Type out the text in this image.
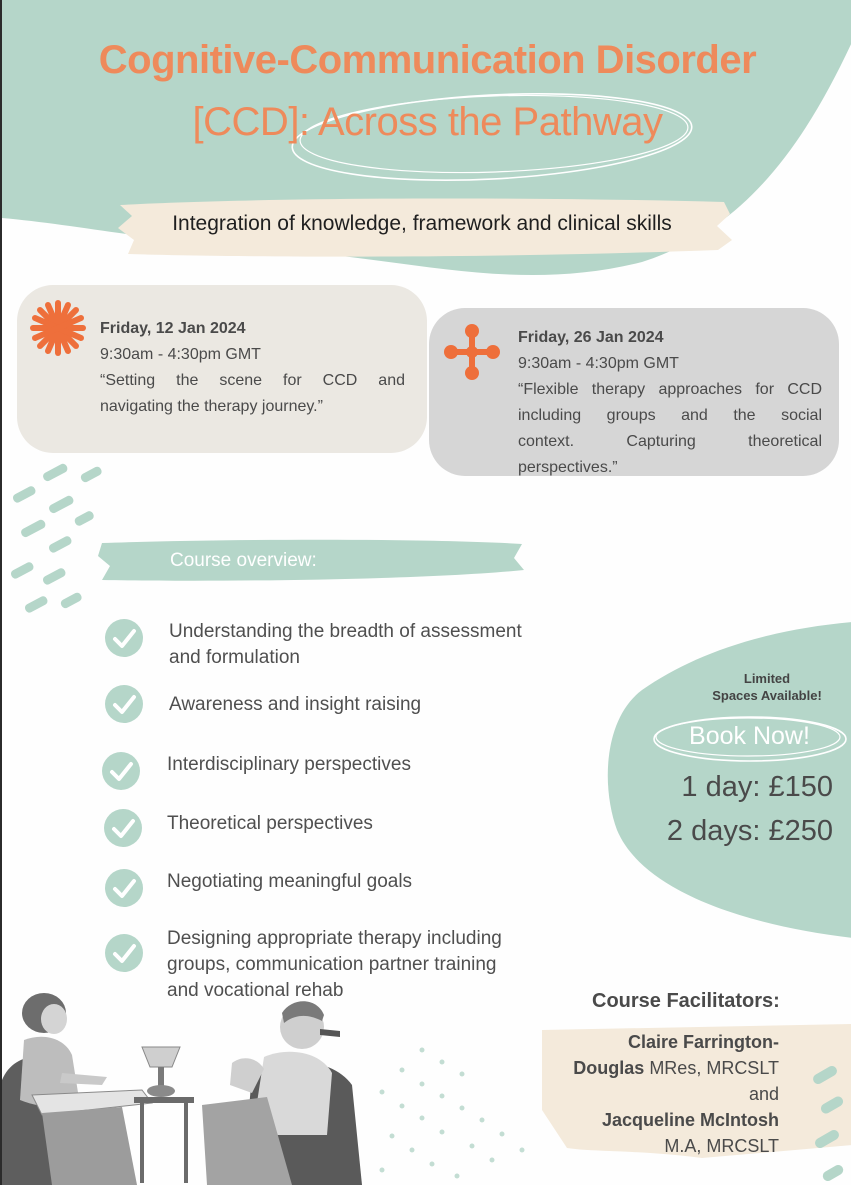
Cognitive-Communication Disorder
[CCD]: Across the Pathway
Integration of knowledge, framework and clinical skills
Friday, 12 Jan 2024
9:30am - 4:30pm GMT
“Setting the scene for CCD and
navigating the therapy journey.”
Friday, 26 Jan 2024
9:30am - 4:30pm GMT
“Flexible therapy approaches for CCD
including groups and the social
context. Capturing theoretical
perspectives.”
Course overview:
Understanding the breadth of assessment
and formulation
Awareness and insight raising
Interdisciplinary perspectives
Theoretical perspectives
Negotiating meaningful goals
Designing appropriate therapy including
groups, communication partner training
and vocational rehab
Limited
Spaces Available!
Book Now!
1 day: £150
2 days: £250
Course Facilitators:
Claire Farrington-
Douglas MRes, MRCSLT
and
Jacqueline McIntosh
M.A, MRCSLT
